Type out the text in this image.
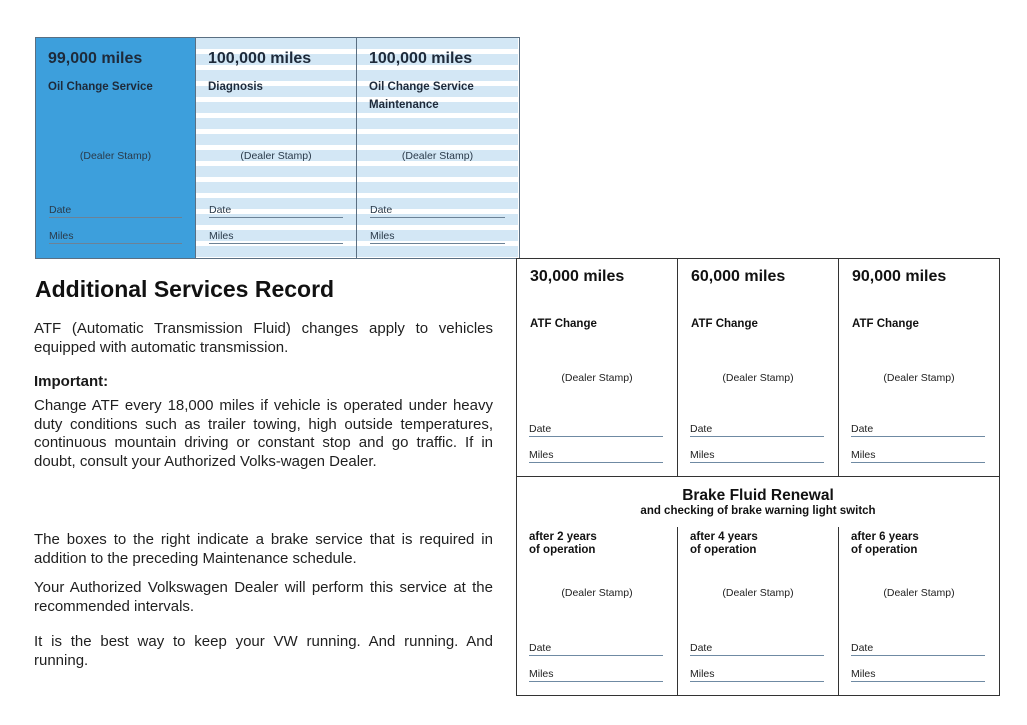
99,000 miles
Oil Change Service
(Dealer Stamp)
Date
Miles
100,000 miles
Diagnosis
(Dealer Stamp)
Date
Miles
100,000 miles
Oil Change Service
Maintenance
(Dealer Stamp)
Date
Miles
Additional Services Record
ATF (Automatic Transmission Fluid) changes apply to vehicles equipped with automatic transmission.
Important:
Change ATF every 18,000 miles if vehicle is operated under heavy duty conditions such as trailer towing, high outside temperatures, continuous mountain driving or constant stop and go traffic. If in doubt, consult your Authorized Volks-wagen Dealer.
The boxes to the right indicate a brake service that is required in addition to the preceding Maintenance schedule.
Your Authorized Volkswagen Dealer will perform this service at the recommended intervals.
It is the best way to keep your VW running. And running. And running.
30,000 miles
ATF Change
(Dealer Stamp)
Date
Miles
60,000 miles
ATF Change
(Dealer Stamp)
Date
Miles
90,000 miles
ATF Change
(Dealer Stamp)
Date
Miles
Brake Fluid Renewal
and checking of brake warning light switch
after 2 years
of operation
(Dealer Stamp)
Date
Miles
after 4 years
of operation
(Dealer Stamp)
Date
Miles
after 6 years
of operation
(Dealer Stamp)
Date
Miles
